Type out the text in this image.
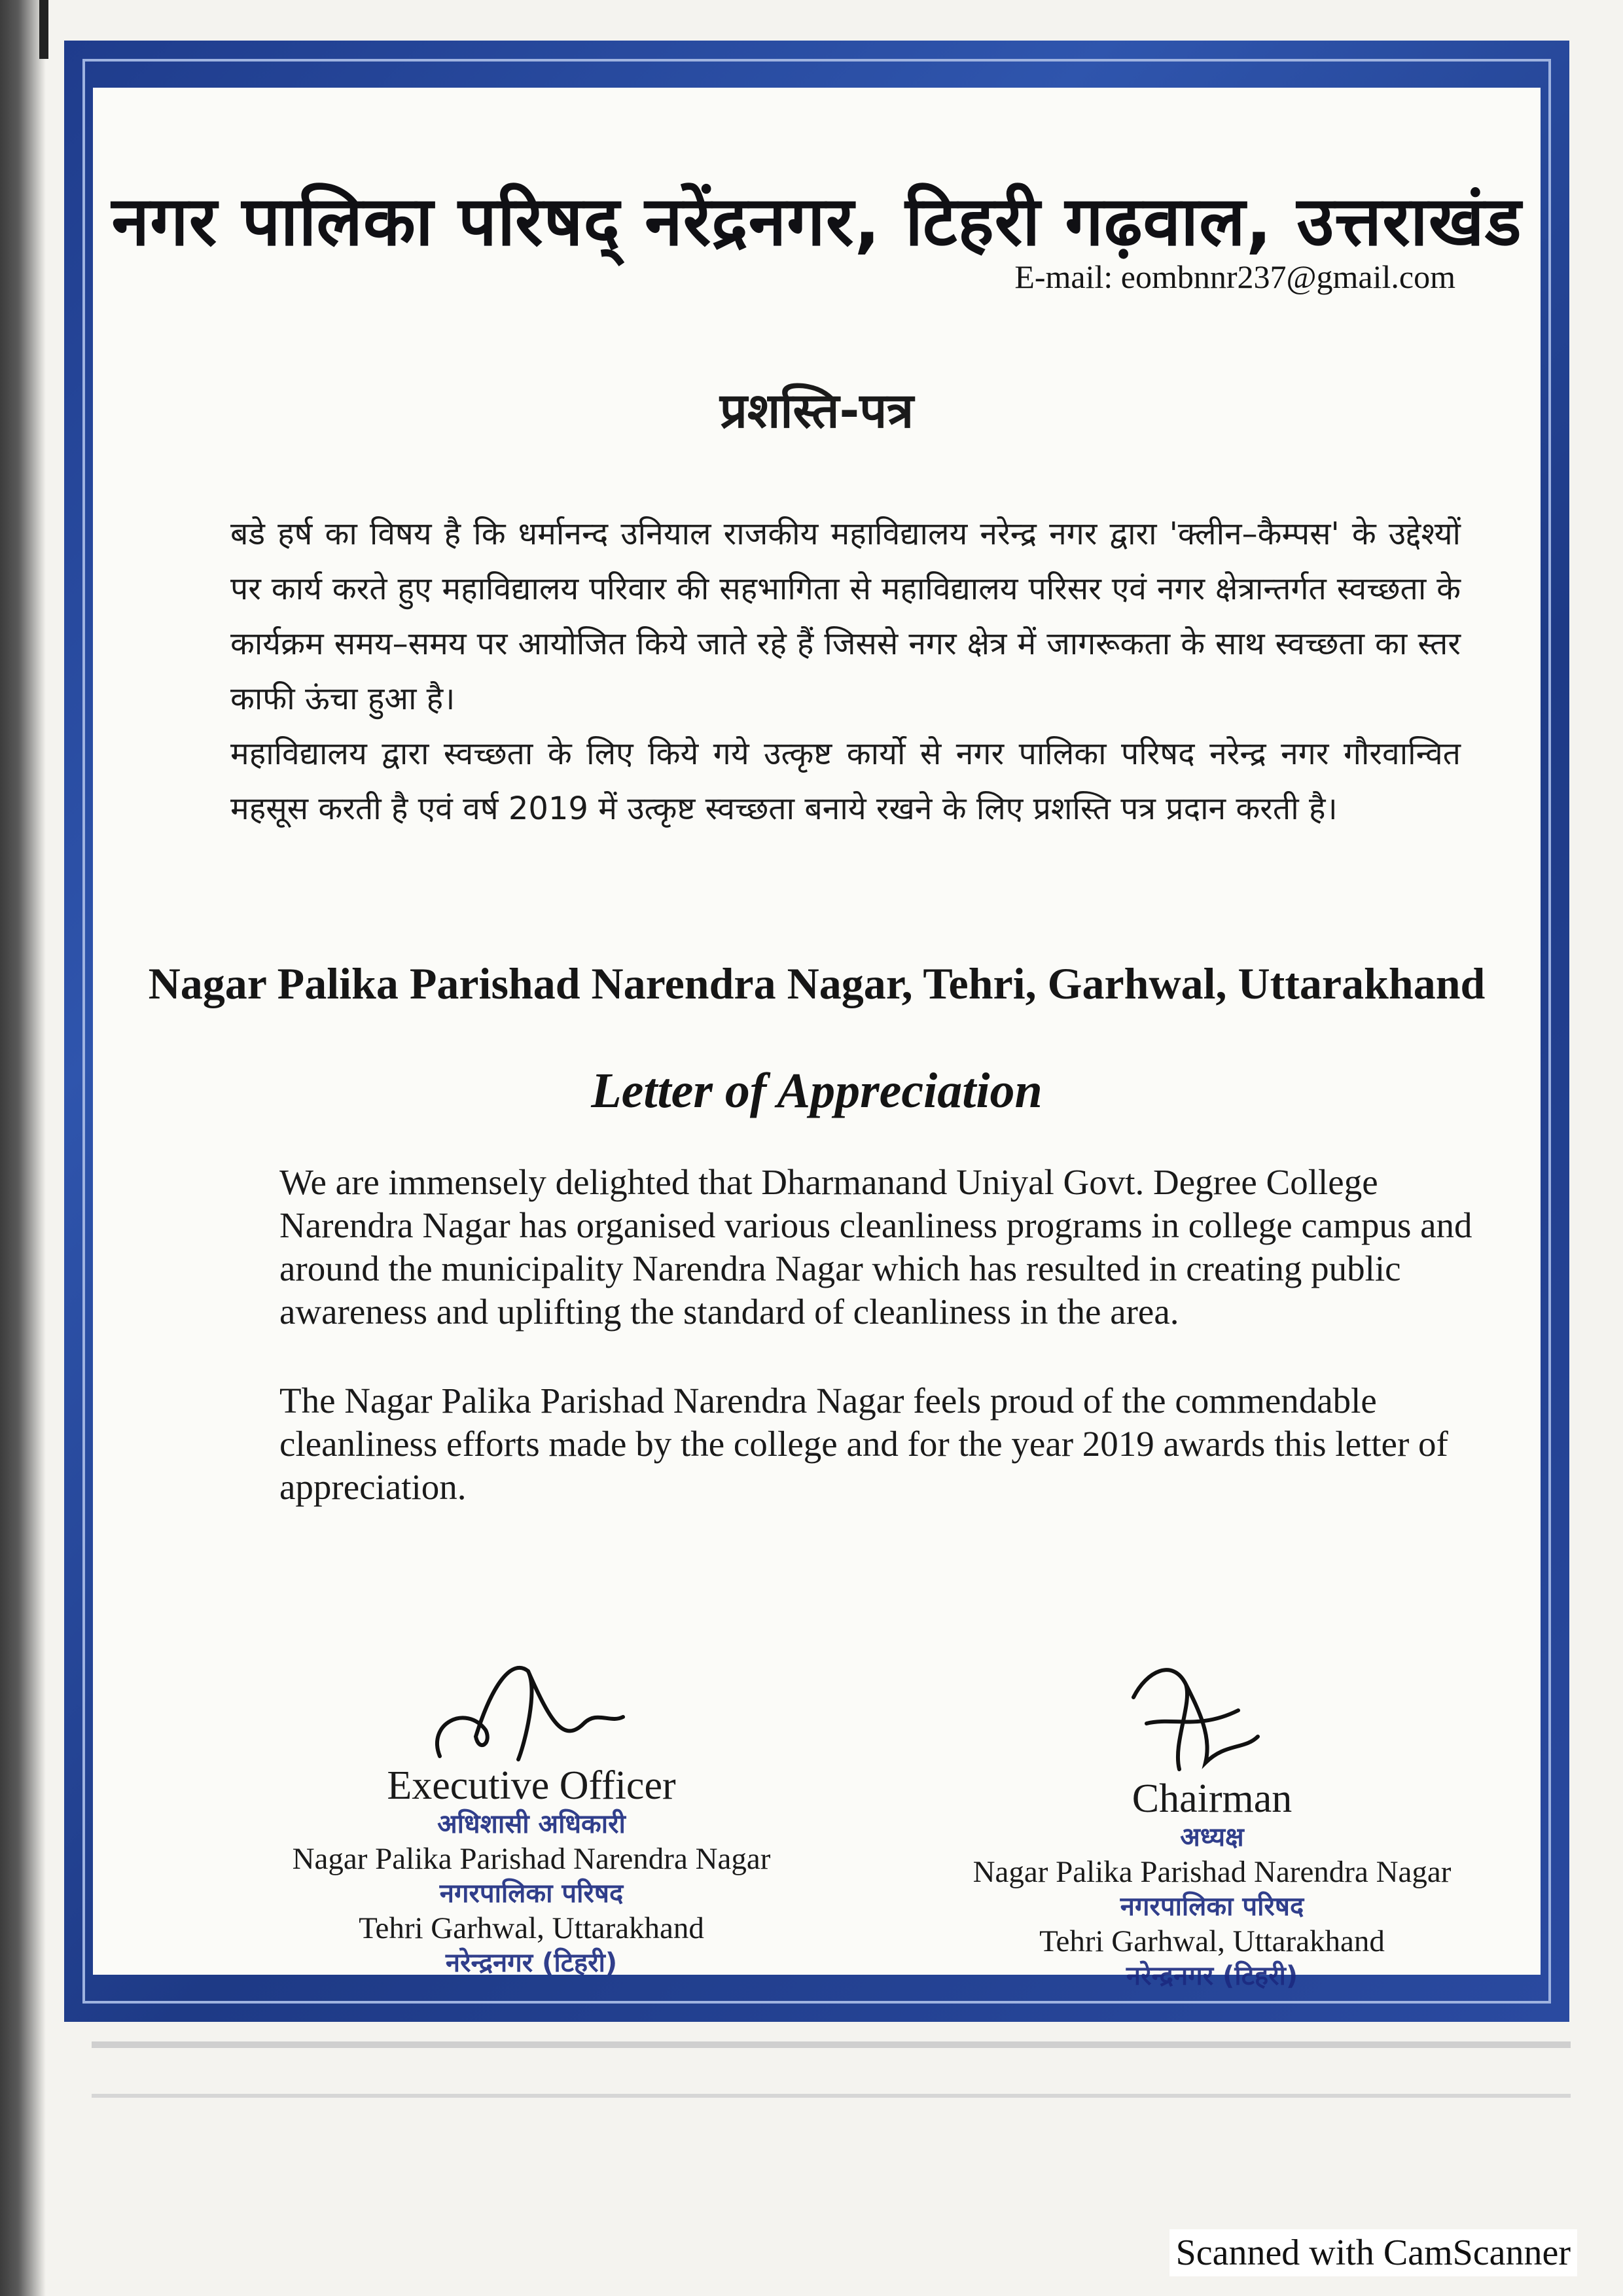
नगर पालिका परिषद् नरेंद्रनगर, टिहरी गढ़वाल, उत्तराखंड
E-mail: eombnnr237@gmail.com
प्रशस्ति-पत्र

बडे हर्ष का विषय है कि धर्मानन्द उनियाल राजकीय महाविद्यालय नरेन्द्र नगर द्वारा 'क्लीन–कैम्पस' के उद्देश्यों पर कार्य करते हुए महाविद्यालय परिवार की सहभागिता से महाविद्यालय परिसर एवं नगर क्षेत्रान्तर्गत स्वच्छता के कार्यक्रम समय–समय पर आयोजित किये जाते रहे हैं जिससे नगर क्षेत्र में जागरूकता के साथ स्वच्छता का स्तर काफी ऊंचा हुआ है।

महाविद्यालय द्वारा स्वच्छता के लिए किये गये उत्कृष्ट कार्यो से नगर पालिका परिषद नरेन्द्र नगर गौरवान्वित महसूस करती है एवं वर्ष 2019 में उत्कृष्ट स्वच्छता बनाये रखने के लिए प्रशस्ति पत्र प्रदान करती है।

Nagar Palika Parishad Narendra Nagar, Tehri, Garhwal, Uttarakhand
Letter of Appreciation

We are immensely delighted that Dharmanand Uniyal Govt. Degree College Narendra Nagar has organised various cleanliness programs in college campus and around the municipality Narendra Nagar which has resulted in creating public awareness and uplifting the standard of cleanliness in the area.

The Nagar Palika Parishad Narendra Nagar feels proud of the commendable cleanliness efforts made by the college and for the year 2019 awards this letter of appreciation.

Executive Officer
अधिशासी अधिकारी
Nagar Palika Parishad Narendra Nagar
नगरपालिका परिषद
Tehri Garhwal, Uttarakhand
नरेन्द्रनगर (टिहरी)
Chairman
अध्यक्ष
Nagar Palika Parishad Narendra Nagar
नगरपालिका परिषद
Tehri Garhwal, Uttarakhand
नरेन्द्रनगर (टिहरी)
Scanned with CamScanner
